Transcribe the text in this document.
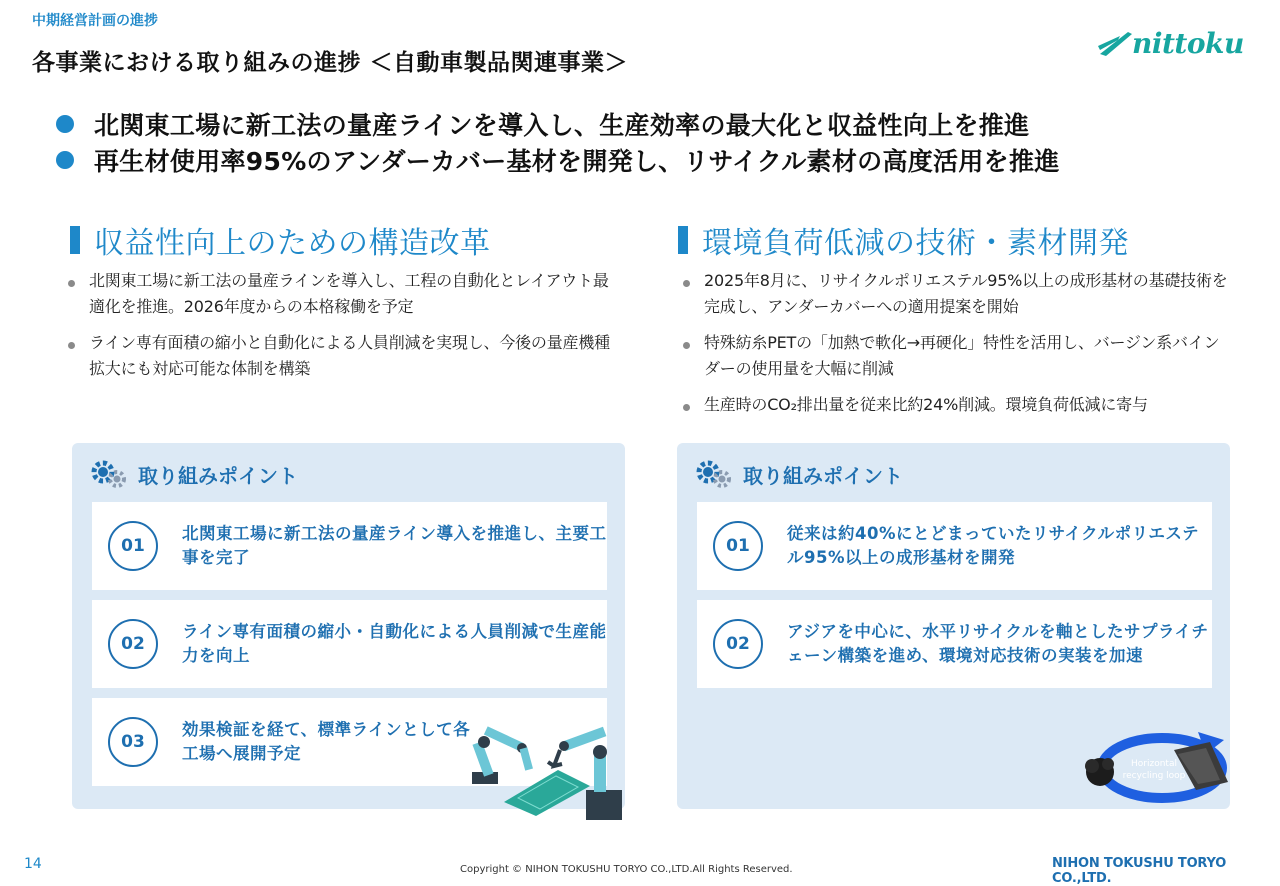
中期経営計画の進捗
各事業における取り組みの進捗 ＜自動車製品関連事業＞
nittoku
北関東工場に新工法の量産ラインを導入し、生産効率の最大化と収益性向上を推進
再生材使用率95%のアンダーカバー基材を開発し、リサイクル素材の高度活用を推進
収益性向上のための構造改革
北関東工場に新工法の量産ラインを導入し、工程の自動化とレイアウト最適化を推進。2026年度からの本格稼働を予定
ライン専有面積の縮小と自動化による人員削減を実現し、今後の量産機種拡大にも対応可能な体制を構築
取り組みポイント
01
北関東工場に新工法の量産ライン導入を推進し、主要工事を完了
02
ライン専有面積の縮小・自動化による人員削減で生産能力を向上
03
効果検証を経て、標準ラインとして各工場へ展開予定
環境負荷低減の技術・素材開発
2025年8月に、リサイクルポリエステル95%以上の成形基材の基礎技術を完成し、アンダーカバーへの適用提案を開始
特殊紡糸PETの「加熱で軟化→再硬化」特性を活用し、バージン系バインダーの使用量を大幅に削減
生産時のCO₂排出量を従来比約24%削減。環境負荷低減に寄与
取り組みポイント
01
従来は約40%にとどまっていたリサイクルポリエステル95%以上の成形基材を開発
02
アジアを中心に、水平リサイクルを軸としたサプライチェーン構築を進め、環境対応技術の実装を加速
Horizontal recycling loop
14	Copyright © NIHON TOKUSHU TORYO CO.,LTD.All Rights Reserved.	NIHON TOKUSHU TORYO CO.,LTD.
